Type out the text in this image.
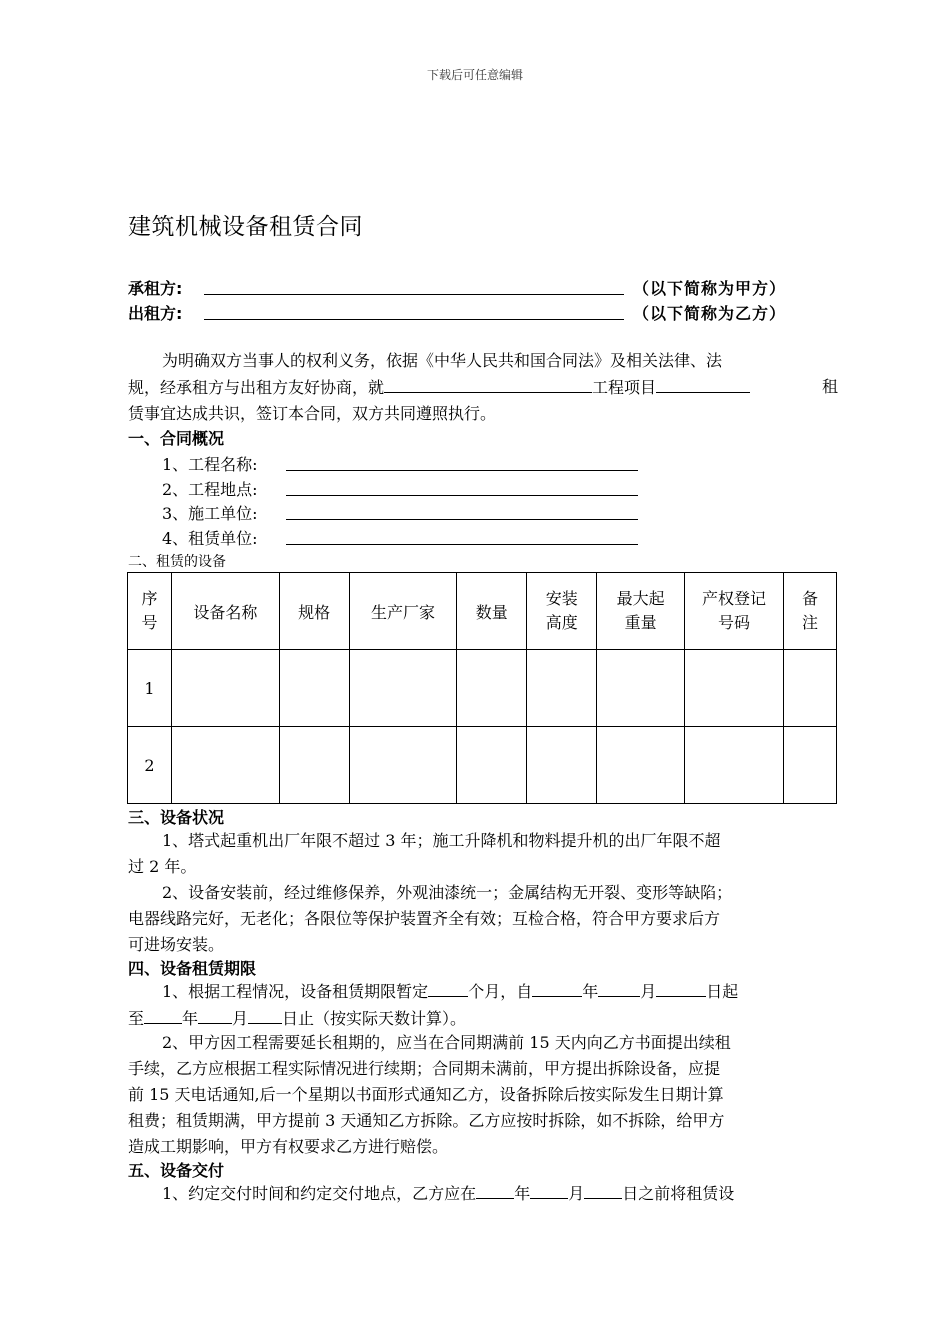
下载后可任意编辑
建筑机械设备租赁合同
承租方:	（以下简称为甲方）
出租方:	（以下简称为乙方）
为明确双方当事人的权利义务，依据《中华人民共和国合同法》及相关法律、法
规，经承租方与出租方友好协商，就	工程项目	租
赁事宜达成共识，签订本合同，双方共同遵照执行。
一、合同概况
1、工程名称:
2、工程地点:
3、施工单位:
4、租赁单位:
二、租赁的设备
序号	设备名称	规格	生产厂家	数量	安装高度	最大起重量	产权登记号码	备注
1								
2								
三、设备状况
1、塔式起重机出厂年限不超过 3 年；施工升降机和物料提升机的出厂年限不超
过 2 年。
2、设备安装前，经过维修保养，外观油漆统一；金属结构无开裂、变形等缺陷；
电器线路完好，无老化；各限位等保护装置齐全有效；互检合格，符合甲方要求后方
可进场安装。
四、设备租赁期限
1、根据工程情况，设备租赁期限暂定	个月，自	年	月	日起
至 年 月 日止（按实际天数计算）。
2、甲方因工程需要延长租期的，应当在合同期满前 15 天内向乙方书面提出续租
手续，乙方应根据工程实际情况进行续期；合同期未满前，甲方提出拆除设备，应提
前 15 天电话通知,后一个星期以书面形式通知乙方，设备拆除后按实际发生日期计算
租费；租赁期满，甲方提前 3 天通知乙方拆除。乙方应按时拆除，如不拆除，给甲方
造成工期影响，甲方有权要求乙方进行赔偿。
五、设备交付
1、约定交付时间和约定交付地点，乙方应在 年 月 日之前将租赁设
